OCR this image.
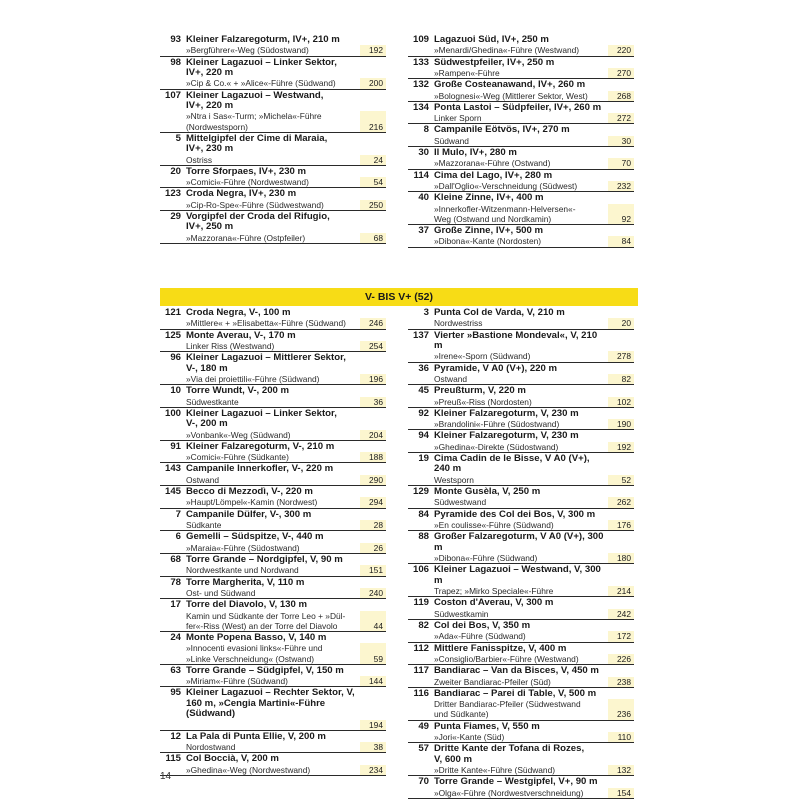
93 Kleiner Falzaregoturm, IV+, 210 m
»Bergführer«-Weg (Südostwand)	192
98 Kleiner Lagazuoi – Linker Sektor,
IV+, 220 m
»Cip & Co.« + »Alice«-Führe (Südwand)	200
107 Kleiner Lagazuoi – Westwand,
IV+, 220 m
»Ntra i Sas«-Turm; »Michela«-Führe
(Nordwestsporn)	216
5 Mittelgipfel der Cime di Maraia,
IV+, 230 m
Ostriss	24
20 Torre Sforpaes, IV+, 230 m
»Comici«-Führe (Nordwestwand)	54
123 Croda Negra, IV+, 230 m
»Cip-Ro-Spe«-Führe (Südwestwand)	250
29 Vorgipfel der Croda del Rifugio,
IV+, 250 m
»Mazzorana«-Führe (Ostpfeiler)	68
109 Lagazuoi Süd, IV+, 250 m
»Menardi/Ghedina«-Führe (Westwand)	220
133 Südwestpfeiler, IV+, 250 m
»Rampen«-Führe	270
132 Große Costeanawand, IV+, 260 m
»Bolognesi«-Weg (Mittlerer Sektor, West)	268
134 Ponta Lastoi – Südpfeiler, IV+, 260 m
Linker Sporn	272
8 Campanile Eötvös, IV+, 270 m
Südwand	30
30 Il Mulo, IV+, 280 m
»Mazzorana«-Führe (Ostwand)	70
114 Cima del Lago, IV+, 280 m
»Dall'Oglio«-Verschneidung (Südwest)	232
40 Kleine Zinne, IV+, 400 m
»Innerkofler-Witzenmann-Helversen«-
Weg (Ostwand und Nordkamin)	92
37 Große Zinne, IV+, 500 m
»Dibona«-Kante (Nordosten)	84
V- BIS V+ (52)
121 Croda Negra, V-, 100 m
»Mittlere« + »Elisabetta«-Führe (Südwand)	246
125 Monte Averau, V-, 170 m
Linker Riss (Westwand)	254
96 Kleiner Lagazuoi – Mittlerer Sektor,
V-, 180 m
»Via dei proiettili«-Führe (Südwand)	196
10 Torre Wundt, V-, 200 m
Südwestkante	36
100 Kleiner Lagazuoi – Linker Sektor,
V-, 200 m
»Vonbank«-Weg (Südwand)	204
91 Kleiner Falzaregoturm, V-, 210 m
»Comici«-Führe (Südkante)	188
143 Campanile Innerkofler, V-, 220 m
Ostwand	290
145 Becco di Mezzodì, V-, 220 m
»Haupt/Lömpel«-Kamin (Nordwest)	294
7 Campanile Dülfer, V-, 300 m
Südkante	28
6 Gemelli – Südspitze, V-, 440 m
»Maraia«-Führe (Südostwand)	26
68 Torre Grande – Nordgipfel, V, 90 m
Nordwestkante und Nordwand	151
78 Torre Margherita, V, 110 m
Ost- und Südwand	240
17 Torre del Diavolo, V, 130 m
Kamin und Südkante der Torre Leo + »Dül-
fer«-Riss (West) an der Torre del Diavolo	44
24 Monte Popena Basso, V, 140 m
»Innocenti evasioni links«-Führe und
»Linke Verschneidung« (Ostwand)	59
63 Torre Grande – Südgipfel, V, 150 m
»Miriam«-Führe (Südwand)	144
95 Kleiner Lagazuoi – Rechter Sektor, V,
160 m, »Cengia Martini«-Führe (Südwand)
194
12 La Pala di Punta Ellie, V, 200 m
Nordostwand	38
115 Col Boccià, V, 200 m
»Ghedina«-Weg (Nordwestwand)	234
3 Punta Col de Varda, V, 210 m
Nordwestriss	20
137 Vierter »Bastione Mondeval«, V, 210 m
»Irene«-Sporn (Südwand)	278
36 Pyramide, V A0 (V+), 220 m
Ostwand	82
45 Preußturm, V, 220 m
»Preuß«-Riss (Nordosten)	102
92 Kleiner Falzaregoturm, V, 230 m
»Brandolini«-Führe (Südostwand)	190
94 Kleiner Falzaregoturm, V, 230 m
»Ghedina«-Direkte (Südostwand)	192
19 Cima Cadin de le Bisse, V A0 (V+), 240 m
Westsporn	52
129 Monte Gusèla, V, 250 m
Südwestwand	262
84 Pyramide des Col dei Bos, V, 300 m
»En coulisse«-Führe (Südwand)	176
88 Großer Falzaregoturm, V A0 (V+), 300 m
»Dibona«-Führe (Südwand)	180
106 Kleiner Lagazuoi – Westwand, V, 300 m
Trapez; »Mirko Speciale«-Führe	214
119 Coston d'Averau, V, 300 m
Südwestkamin	242
82 Col dei Bos, V, 350 m
»Ada«-Führe (Südwand)	172
112 Mittlere Fanisspitze, V, 400 m
»Consiglio/Barbier«-Führe (Westwand)	226
117 Bandiarac – Van da Bisces, V, 450 m
Zweiter Bandiarac-Pfeiler (Süd)	238
116 Bandiarac – Parei di Table, V, 500 m
Dritter Bandiarac-Pfeiler (Südwestwand
und Südkante)	236
49 Punta Fiames, V, 550 m
»Jori«-Kante (Süd)	110
57 Dritte Kante der Tofana di Rozes,
V, 600 m
»Dritte Kante«-Führe (Südwand)	132
70 Torre Grande – Westgipfel, V+, 90 m
»Olga«-Führe (Nordwestverschneidung)	154
14
